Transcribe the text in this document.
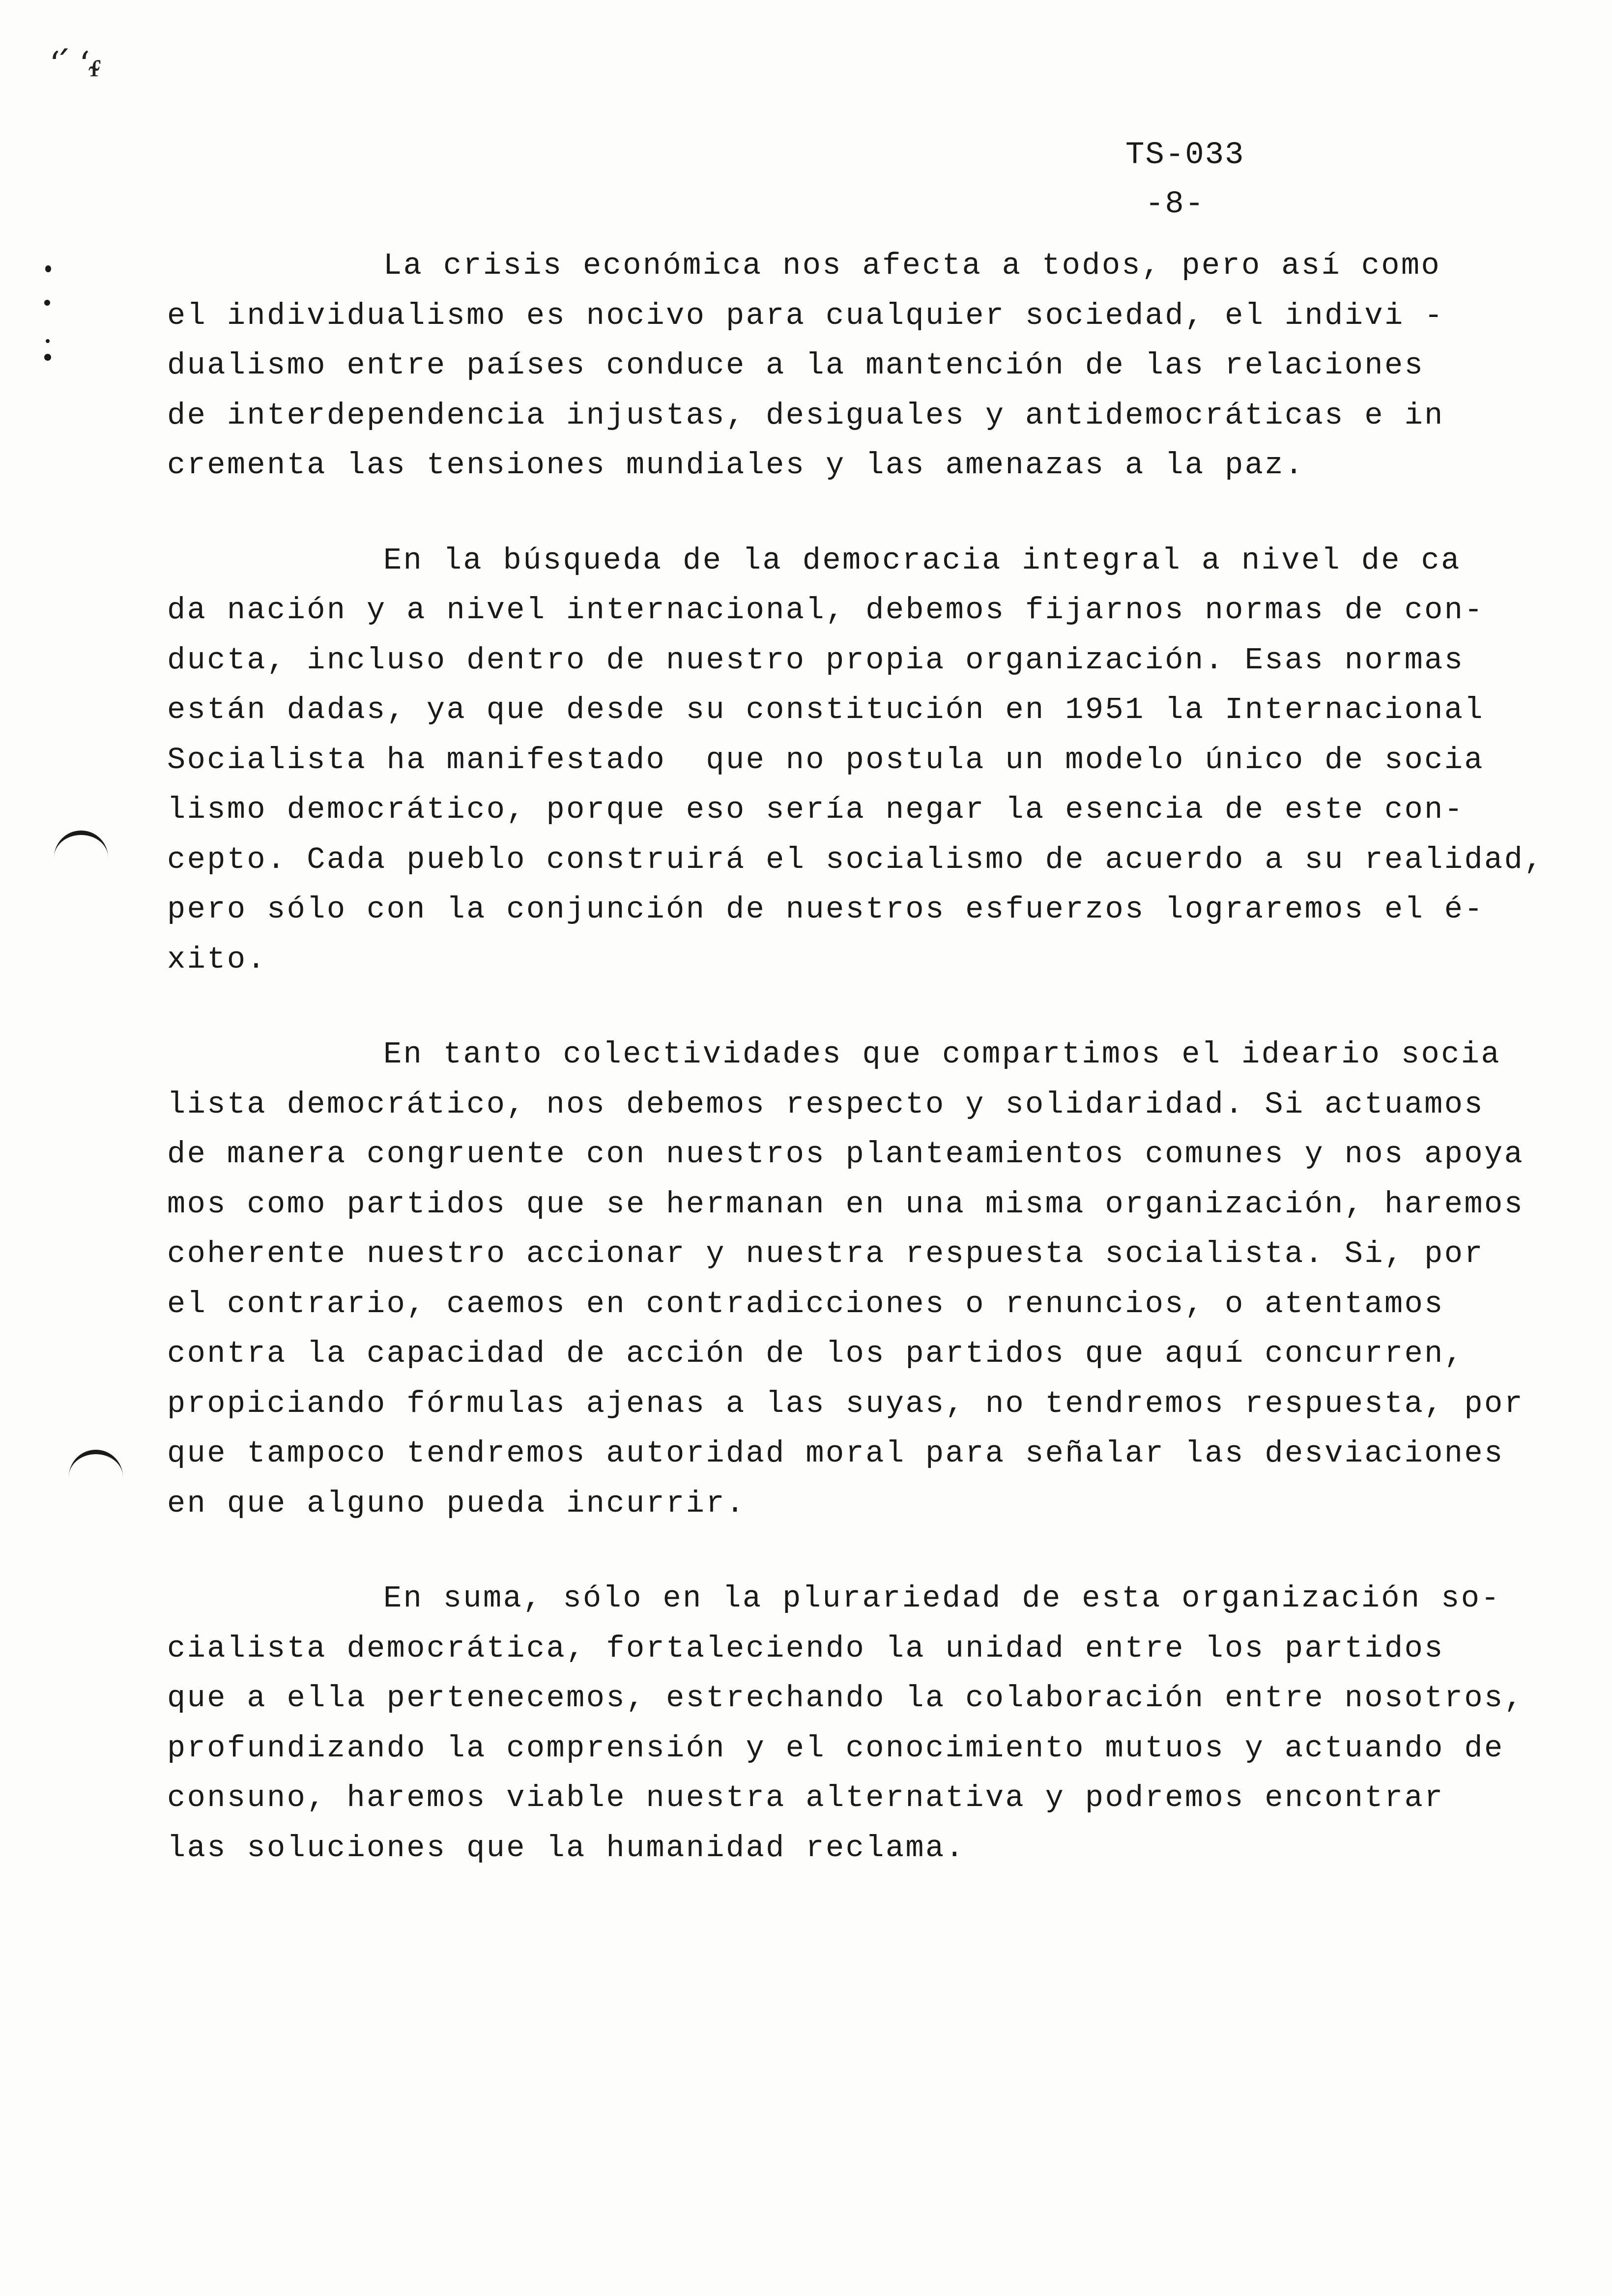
ʻ՛ ʻᵳ
TS-033
-8-
La crisis económica nos afecta a todos, pero así como
el individualismo es nocivo para cualquier sociedad, el indivi -
dualismo entre países conduce a la mantención de las relaciones
de interdependencia injustas, desiguales y antidemocráticas e in
crementa las tensiones mundiales y las amenazas a la paz.
En la búsqueda de la democracia integral a nivel de ca
da nación y a nivel internacional, debemos fijarnos normas de con-
ducta, incluso dentro de nuestro propia organización. Esas normas
están dadas, ya que desde su constitución en 1951 la Internacional
Socialista ha manifestado  que no postula un modelo único de socia
lismo democrático, porque eso sería negar la esencia de este con-
cepto. Cada pueblo construirá el socialismo de acuerdo a su realidad,
pero sólo con la conjunción de nuestros esfuerzos lograremos el é-
xito.
En tanto colectividades que compartimos el ideario socia
lista democrático, nos debemos respecto y solidaridad. Si actuamos
de manera congruente con nuestros planteamientos comunes y nos apoya
mos como partidos que se hermanan en una misma organización, haremos
coherente nuestro accionar y nuestra respuesta socialista. Si, por
el contrario, caemos en contradicciones o renuncios, o atentamos
contra la capacidad de acción de los partidos que aquí concurren,
propiciando fórmulas ajenas a las suyas, no tendremos respuesta, por
que tampoco tendremos autoridad moral para señalar las desviaciones
en que alguno pueda incurrir.
En suma, sólo en la plurariedad de esta organización so-
cialista democrática, fortaleciendo la unidad entre los partidos
que a ella pertenecemos, estrechando la colaboración entre nosotros,
profundizando la comprensión y el conocimiento mutuos y actuando de
consuno, haremos viable nuestra alternativa y podremos encontrar
las soluciones que la humanidad reclama.
